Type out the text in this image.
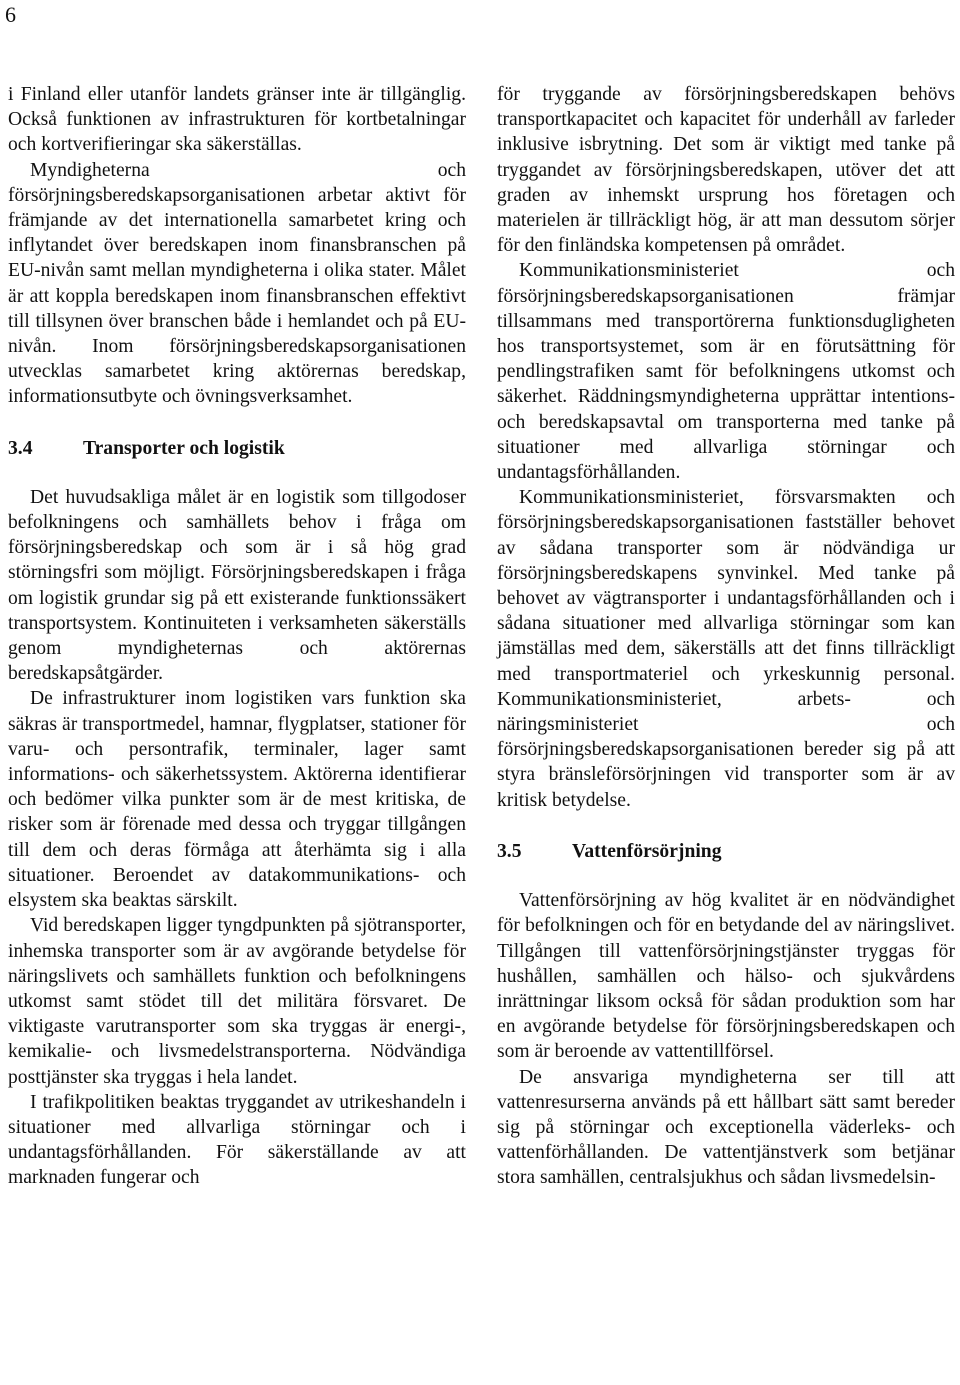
6

i Finland eller utanför landets gränser inte är tillgänglig. Också funktionen av infrastrukturen för kortbetalningar och kortverifieringar ska säkerställas.

Myndigheterna och försörjningsberedskapsorganisationen arbetar aktivt för främjande av det internationella samarbetet kring och inflytandet över beredskapen inom finansbranschen på EU-nivån samt mellan myndigheterna i olika stater. Målet är att koppla beredskapen inom finansbranschen effektivt till tillsynen över branschen både i hemlandet och på EU-nivån. Inom försörjningsberedskapsorganisationen utvecklas samarbetet kring aktörernas beredskap, informationsutbyte och övningsverksamhet.

3.4	Transporter och logistik

Det huvudsakliga målet är en logistik som tillgodoser befolkningens och samhällets behov i fråga om försörjningsberedskap och som är i så hög grad störningsfri som möjligt. Försörjningsberedskapen i fråga om logistik grundar sig på ett existerande funktionssäkert transportsystem. Kontinuiteten i verksamheten säkerställs genom myndigheternas och aktörernas beredskapsåtgärder.

De infrastrukturer inom logistiken vars funktion ska säkras är transportmedel, hamnar, flygplatser, stationer för varu- och persontrafik, terminaler, lager samt informations- och säkerhetssystem. Aktörerna identifierar och bedömer vilka punkter som är de mest kritiska, de risker som är förenade med dessa och tryggar tillgången till dem och deras förmåga att återhämta sig i alla situationer. Beroendet av datakommunikations- och elsystem ska beaktas särskilt.

Vid beredskapen ligger tyngdpunkten på sjötransporter, inhemska transporter som är av avgörande betydelse för näringslivets och samhällets funktion och befolkningens utkomst samt stödet till det militära försvaret. De viktigaste varutransporter som ska tryggas är energi-, kemikalie- och livsmedelstransporterna. Nödvändiga posttjänster ska tryggas i hela landet.

I trafikpolitiken beaktas tryggandet av utrikeshandeln i situationer med allvarliga störningar och i undantagsförhållanden. För säkerställande av att marknaden fungerar och

för tryggande av försörjningsberedskapen behövs transportkapacitet och kapacitet för underhåll av farleder inklusive isbrytning. Det som är viktigt med tanke på tryggandet av försörjningsberedskapen, utöver det att graden av inhemskt ursprung hos företagen och materielen är tillräckligt hög, är att man dessutom sörjer för den finländska kompetensen på området.

Kommunikationsministeriet och försörjningsberedskapsorganisationen främjar tillsammans med transportörerna funktionsdugligheten hos transportsystemet, som är en förutsättning för pendlingstrafiken samt för befolkningens utkomst och säkerhet. Räddningsmyndigheterna upprättar intentions- och beredskapsavtal om transporterna med tanke på situationer med allvarliga störningar och undantagsförhållanden.

Kommunikationsministeriet, försvarsmakten och försörjningsberedskapsorganisationen fastställer behovet av sådana transporter som är nödvändiga ur försörjningsberedskapens synvinkel. Med tanke på behovet av vägtransporter i undantagsförhållanden och i sådana situationer med allvarliga störningar som kan jämställas med dem, säkerställs att det finns tillräckligt med transportmateriel och yrkeskunnig personal. Kommunikationsministeriet, arbets- och näringsministeriet och försörjningsberedskapsorganisationen bereder sig på att styra bränsleförsörjningen vid transporter som är av kritisk betydelse.

3.5	Vattenförsörjning

Vattenförsörjning av hög kvalitet är en nödvändighet för befolkningen och för en betydande del av näringslivet. Tillgången till vattenförsörjningstjänster tryggas för hushållen, samhällen och hälso- och sjukvårdens inrättningar liksom också för sådan produktion som har en avgörande betydelse för försörjningsberedskapen och som är beroende av vattentillförsel.

De ansvariga myndigheterna ser till att vattenresurserna används på ett hållbart sätt samt bereder sig på störningar och exceptionella väderleks- och vattenförhållanden. De vattentjänstverk som betjänar stora samhällen, centralsjukhus och sådan livsmedelsin-
